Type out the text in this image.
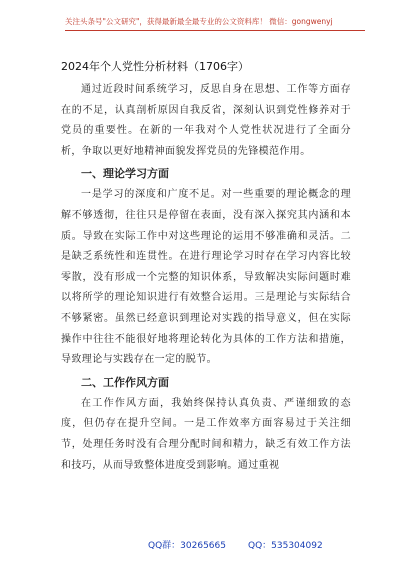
关注头条号"公文研究"，获得最新最全最专业的公文资料库！ 微信：gongwenyj
2024年个人党性分析材料（1706字）

通过近段时间系统学习，反思自身在思想、工作等方面存在的不足，认真剖析原因自我反省，深刻认识到党性修养对于党员的重要性。在新的一年我对个人党性状况进行了全面分析，争取以更好地精神面貌发挥党员的先锋模范作用。

一、理论学习方面

一是学习的深度和广度不足。对一些重要的理论概念的理解不够透彻，往往只是停留在表面，没有深入探究其内涵和本质。导致在实际工作中对这些理论的运用不够准确和灵活。二是缺乏系统性和连贯性。在进行理论学习时存在学习内容比较零散，没有形成一个完整的知识体系，导致解决实际问题时难以将所学的理论知识进行有效整合运用。三是理论与实际结合不够紧密。虽然已经意识到理论对实践的指导意义，但在实际操作中往往不能很好地将理论转化为具体的工作方法和措施，导致理论与实践存在一定的脱节。

二、工作作风方面

在工作作风方面，我始终保持认真负责、严谨细致的态度，但仍存在提升空间。一是工作效率方面容易过于关注细节，处理任务时没有合理分配时间和精力，缺乏有效工作方法和技巧，从而导致整体进度受到影响。通过重视

QQ群：30265665 QQ：535304092
